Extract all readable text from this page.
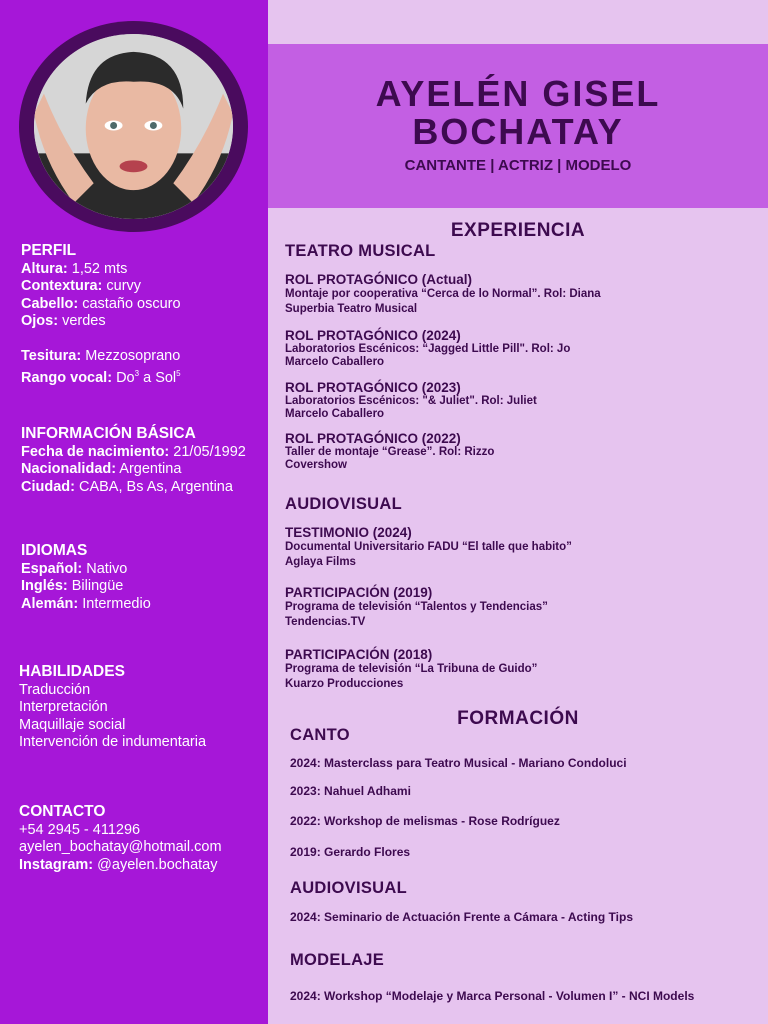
PERFIL
Altura: 1,52 mts
Contextura: curvy
Cabello: castaño oscuro
Ojos: verdes
Tesitura: Mezzosoprano
Rango vocal: Do$^3$ a Sol$^5$
INFORMACIÓN BÁSICA
Fecha de nacimiento: 21/05/1992
Nacionalidad: Argentina
Ciudad: CABA, Bs As, Argentina
IDIOMAS
Español: Nativo
Inglés: Bilingüe
Alemán: Intermedio
HABILIDADES
Traducción
Interpretación
Maquillaje social
Intervención de indumentaria
CONTACTO
+54 2945 - 411296
ayelen_bochatay@hotmail.com
Instagram: @ayelen.bochatay
AYELÉN GISEL
BOCHATAY
CANTANTE | ACTRIZ | MODELO
EXPERIENCIA
TEATRO MUSICAL
ROL PROTAGÓNICO (Actual)
Montaje por cooperativa “Cerca de lo Normal”. Rol: Diana
Superbia Teatro Musical
ROL PROTAGÓNICO (2024)
Laboratorios Escénicos: “Jagged Little Pill". Rol: Jo
Marcelo Caballero
ROL PROTAGÓNICO (2023)
Laboratorios Escénicos: "& Juliet". Rol: Juliet
Marcelo Caballero
ROL PROTAGÓNICO (2022)
Taller de montaje “Grease”. Rol: Rizzo
Covershow
AUDIOVISUAL
TESTIMONIO (2024)
Documental Universitario FADU “El talle que habito”
Aglaya Films
PARTICIPACIÓN (2019)
Programa de televisión “Talentos y Tendencias”
Tendencias.TV
PARTICIPACIÓN (2018)
Programa de televisión “La Tribuna de Guido”
Kuarzo Producciones
FORMACIÓN
CANTO
2024: Masterclass para Teatro Musical - Mariano Condoluci
2023: Nahuel Adhami
2022: Workshop de melismas - Rose Rodríguez
2019: Gerardo Flores
AUDIOVISUAL
2024: Seminario de Actuación Frente a Cámara - Acting Tips
MODELAJE
2024: Workshop “Modelaje y Marca Personal - Volumen I” - NCI Models
